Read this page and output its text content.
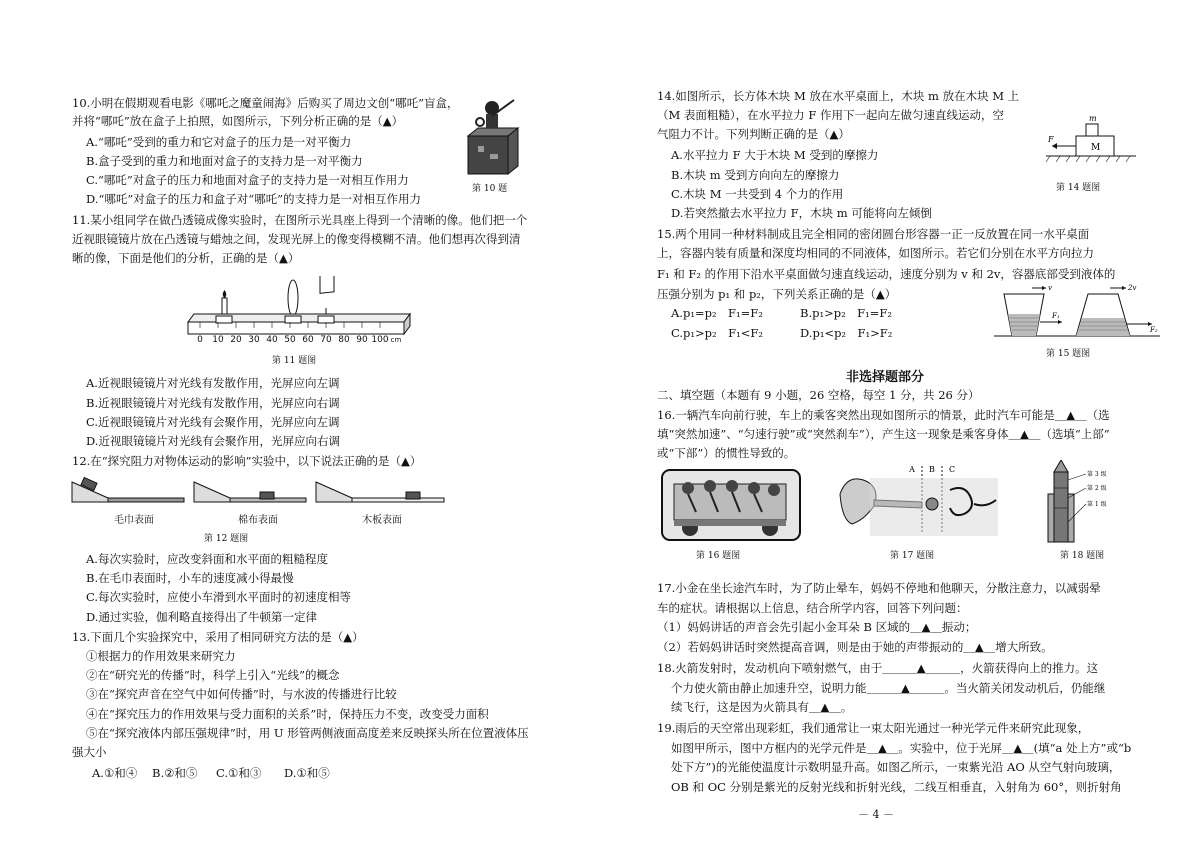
10.小明在假期观看电影《哪吒之魔童闹海》后购买了周边文创“哪吒”盲盒，
并将“哪吒”放在盒子上拍照，如图所示，下列分析正确的是（▲）
A.“哪吒”受到的重力和它对盒子的压力是一对平衡力
B.盒子受到的重力和地面对盒子的支持力是一对平衡力
C.“哪吒”对盒子的压力和地面对盒子的支持力是一对相互作用力
D.“哪吒”对盒子的压力和盒子对“哪吒”的支持力是一对相互作用力
第 10 题
11.某小组同学在做凸透镜成像实验时，在图所示光具座上得到一个清晰的像。他们把一个
近视眼镜镜片放在凸透镜与蜡烛之间，发现光屏上的像变得模糊不清。他们想再次得到清
晰的像，下面是他们的分析，正确的是（▲）
0 10 20 30 40 50 60 70 80 90 100 cm
第 11 题图
A.近视眼镜镜片对光线有发散作用，光屏应向左调
B.近视眼镜镜片对光线有发散作用，光屏应向右调
C.近视眼镜镜片对光线有会聚作用，光屏应向左调
D.近视眼镜镜片对光线有会聚作用，光屏应向右调
12.在“探究阻力对物体运动的影响”实验中，以下说法正确的是（▲）
毛巾表面	棉布表面	木板表面
第 12 题图
A.每次实验时，应改变斜面和水平面的粗糙程度
B.在毛巾表面时，小车的速度减小得最慢
C.每次实验时，应使小车滑到水平面时的初速度相等
D.通过实验，伽利略直接得出了牛顿第一定律
13.下面几个实验探究中，采用了相同研究方法的是（▲）
①根据力的作用效果来研究力
②在“研究光的传播”时，科学上引入“光线”的概念
③在“探究声音在空气中如何传播”时，与水波的传播进行比较
④在“探究压力的作用效果与受力面积的关系”时，保持压力不变，改变受力面积
⑤在“探究液体内部压强规律”时，用 U 形管两侧液面高度差来反映探头所在位置液体压
强大小
A.①和④ B.②和⑤ C.①和③ D.①和⑤
14.如图所示，长方体木块 M 放在水平桌面上，木块 m 放在木块 M 上
（M 表面粗糙），在水平拉力 F 作用下一起向左做匀速直线运动，空
气阻力不计。下列判断正确的是（▲）
A.水平拉力 F 大于木块 M 受到的摩擦力
B.木块 m 受到方向向左的摩擦力
C.木块 M 一共受到 4 个力的作用
D.若突然撤去水平拉力 F，木块 m 可能将向左倾倒
F
m
M
第 14 题图
15.两个用同一种材料制成且完全相同的密闭圆台形容器一正一反放置在同一水平桌面
上，容器内装有质量和深度均相同的不同液体，如图所示。若它们分别在水平方向拉力
F₁ 和 F₂ 的作用下沿水平桌面做匀速直线运动，速度分别为 v 和 2v，容器底部受到液体的
压强分别为 p₁ 和 p₂，下列关系正确的是（▲）
A.p₁=p₂　F₁=F₂	B.p₁>p₂　F₁=F₂
C.p₁>p₂　F₁<F₂	D.p₁<p₂　F₁>F₂
v
F₁
2v
F₂
第 15 题图
非选择题部分
二、填空题（本题有 9 小题，26 空格，每空 1 分，共 26 分）
16.一辆汽车向前行驶，车上的乘客突然出现如图所示的情景，此时汽车可能是＿▲＿（选
填“突然加速”、“匀速行驶”或“突然刹车”），产生这一现象是乘客身体＿▲＿（选填“上部”
或“下部”）的惯性导致的。
A B C
第 3 级
第 2 级
第 1 级
第 16 题图	第 17 题图	第 18 题图
17.小金在坐长途汽车时，为了防止晕车，妈妈不停地和他聊天，分散注意力，以减弱晕
车的症状。请根据以上信息，结合所学内容，回答下列问题：
（1）妈妈讲话的声音会先引起小金耳朵 B 区域的＿▲＿振动；
（2）若妈妈讲话时突然提高音调，则是由于她的声带振动的＿▲＿增大所致。
18.火箭发射时，发动机向下喷射燃气，由于＿＿＿▲＿＿＿，火箭获得向上的推力。这
个力使火箭由静止加速升空，说明力能＿＿＿▲＿＿＿。当火箭关闭发动机后，仍能继
续飞行，这是因为火箭具有＿▲＿。
19.雨后的天空常出现彩虹，我们通常让一束太阳光通过一种光学元件来研究此现象，
如图甲所示，图中方框内的光学元件是＿▲＿。实验中，位于光屏＿▲＿(填“a 处上方”或“b
处下方”)的光能使温度计示数明显升高。如图乙所示，一束紫光沿 AO 从空气射向玻璃，
OB 和 OC 分别是紫光的反射光线和折射光线，二线互相垂直，入射角为 60°，则折射角
－ 4 －
